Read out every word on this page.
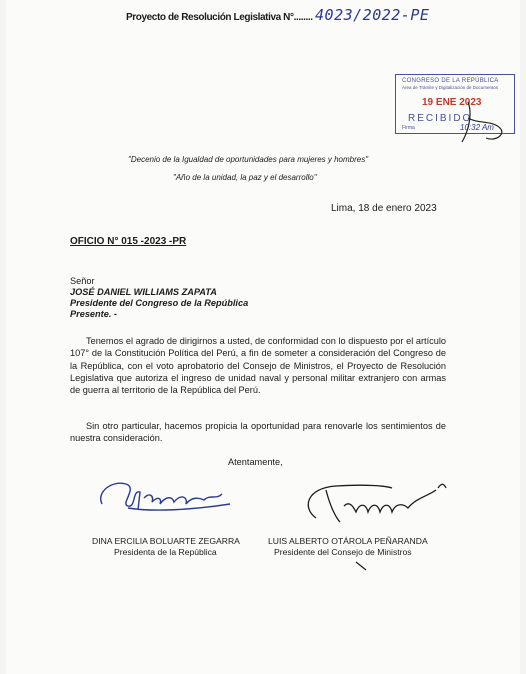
Proyecto de Resolución Legislativa N°........ 4023/2022-PE
CONGRESO DE LA REPÚBLICA
Área de Trámite y Digitalización de Documentos
19 ENE 2023
RECIBIDO
Firma	10:32 Am
"Decenio de la Igualdad de oportunidades para mujeres y hombres"
"Año de la unidad, la paz y el desarrollo"
Lima, 18 de enero 2023
OFICIO N° 015 -2023 -PR
Señor
JOSÉ DANIEL WILLIAMS ZAPATA
Presidente del Congreso de la República
Presente. -
Tenemos el agrado de dirigirnos a usted, de conformidad con lo dispuesto por el artículo 107° de la Constitución Política del Perú, a fin de someter a consideración del Congreso de la República, con el voto aprobatorio del Consejo de Ministros, el Proyecto de Resolución Legislativa que autoriza el ingreso de unidad naval y personal militar extranjero con armas de guerra al territorio de la República del Perú.
Sin otro particular, hacemos propicia la oportunidad para renovarle los sentimientos de nuestra consideración.
Atentamente,
DINA ERCILIA BOLUARTE ZEGARRA
Presidenta de la República
LUIS ALBERTO OTÁROLA PEÑARANDA
Presidente del Consejo de Ministros
